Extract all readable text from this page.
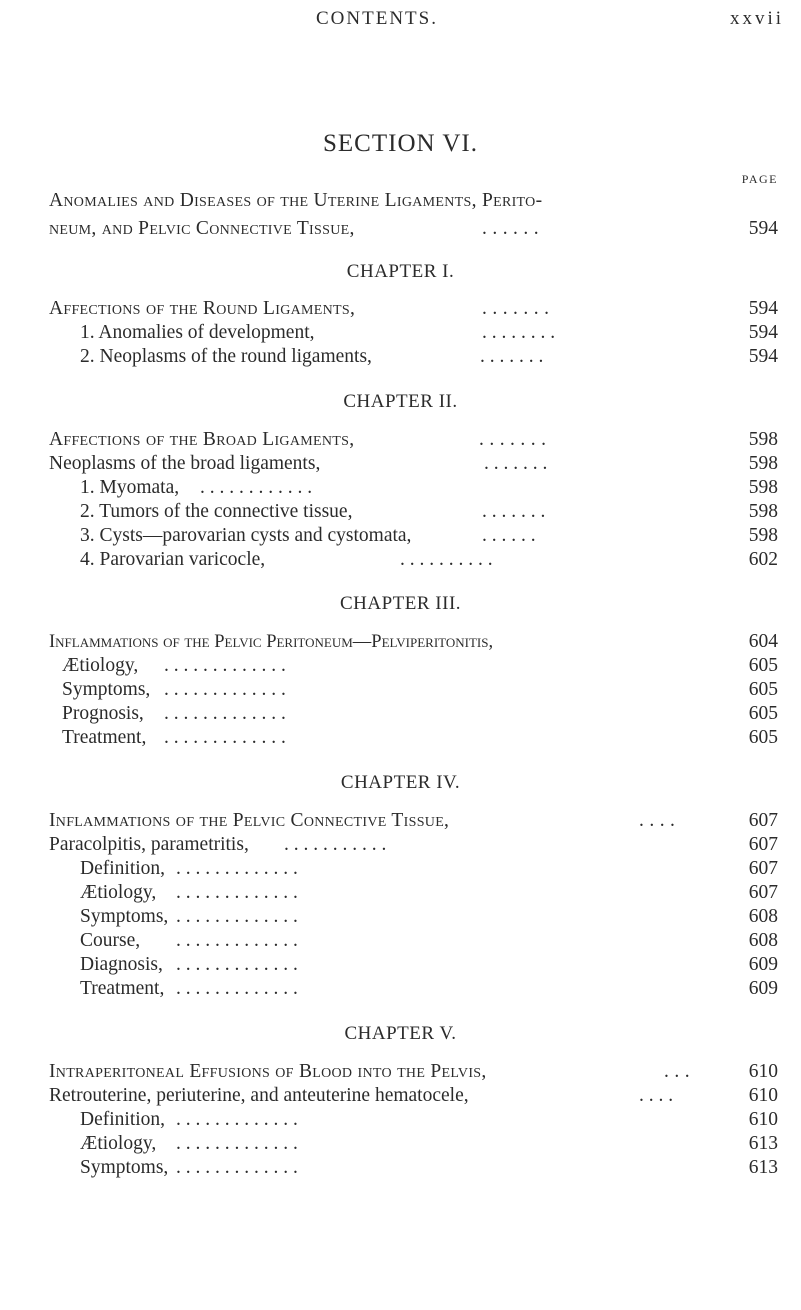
CONTENTS.	xxvii
SECTION VI.
PAGE
Anomalies and Diseases of the Uterine Ligaments, Perito-
neum, and Pelvic Connective Tissue,	. . . . . .	594
CHAPTER I.
Affections of the Round Ligaments,	. . . . . . .	594
1. Anomalies of development,	. . . . . . . .	594
2. Neoplasms of the round ligaments,	. . . . . . .	594
CHAPTER II.
Affections of the Broad Ligaments,	. . . . . . .	598
Neoplasms of the broad ligaments,	. . . . . . .	598
1. Myomata, . . . . . . . . . . . .	598
2. Tumors of the connective tissue,	. . . . . . .	598
3. Cysts—parovarian cysts and cystomata,	. . . . . .	598
4. Parovarian varicocle,	. . . . . . . . . .	602
CHAPTER III.
Inflammations of the Pelvic Peritoneum—Pelviperitonitis,	604
Ætiology, . . . . . . . . . . . . .	605
Symptoms, . . . . . . . . . . . . .	605
Prognosis, . . . . . . . . . . . . .	605
Treatment, . . . . . . . . . . . . .	605
CHAPTER IV.
Inflammations of the Pelvic Connective Tissue,	. . . .	607
Paracolpitis, parametritis, . . . . . . . . . . .	607
Definition, . . . . . . . . . . . . .	607
Ætiology, . . . . . . . . . . . . .	607
Symptoms, . . . . . . . . . . . . .	608
Course, . . . . . . . . . . . . .	608
Diagnosis, . . . . . . . . . . . . .	609
Treatment, . . . . . . . . . . . . .	609
CHAPTER V.
Intraperitoneal Effusions of Blood into the Pelvis,	. . .	610
Retrouterine, periuterine, and anteuterine hematocele,	. . . .	610
Definition, . . . . . . . . . . . . .	610
Ætiology, . . . . . . . . . . . . .	613
Symptoms, . . . . . . . . . . . . .	613
